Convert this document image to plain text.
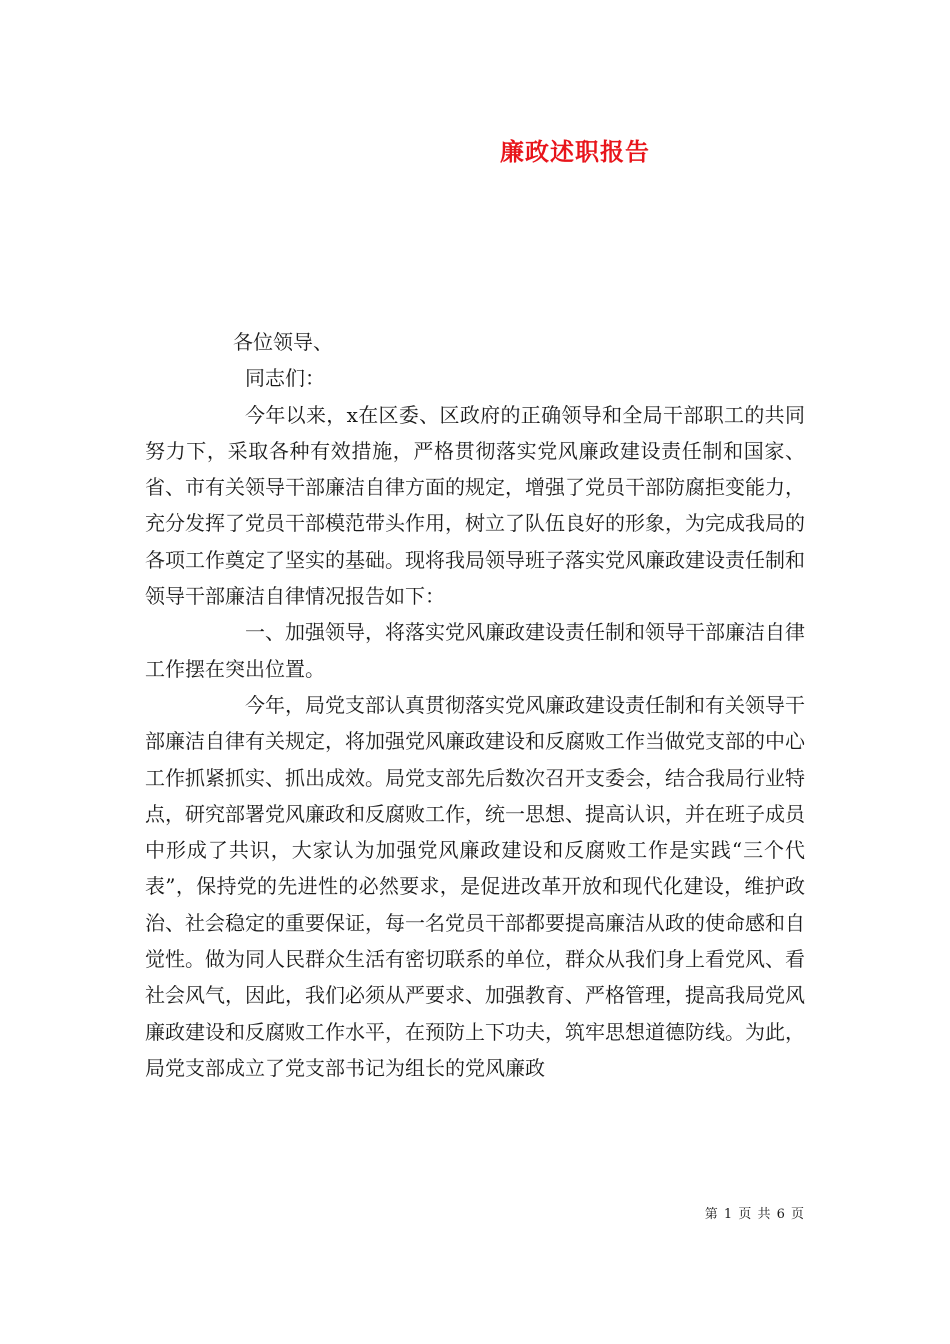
廉政述职报告

各位领导、

同志们：

今年以来，x在区委、区政府的正确领导和全局干部职工的共同努力下，采取各种有效措施，严格贯彻落实党风廉政建设责任制和国家、省、市有关领导干部廉洁自律方面的规定，增强了党员干部防腐拒变能力，充分发挥了党员干部模范带头作用，树立了队伍良好的形象，为完成我局的各项工作奠定了坚实的基础。现将我局领导班子落实党风廉政建设责任制和领导干部廉洁自律情况报告如下：

一、加强领导，将落实党风廉政建设责任制和领导干部廉洁自律工作摆在突出位置。

今年，局党支部认真贯彻落实党风廉政建设责任制和有关领导干部廉洁自律有关规定，将加强党风廉政建设和反腐败工作当做党支部的中心工作抓紧抓实、抓出成效。局党支部先后数次召开支委会，结合我局行业特点，研究部署党风廉政和反腐败工作，统一思想、提高认识，并在班子成员中形成了共识，大家认为加强党风廉政建设和反腐败工作是实践“三个代表”，保持党的先进性的必然要求，是促进改革开放和现代化建设，维护政治、社会稳定的重要保证，每一名党员干部都要提高廉洁从政的使命感和自觉性。做为同人民群众生活有密切联系的单位，群众从我们身上看党风、看社会风气，因此，我们必须从严要求、加强教育、严格管理，提高我局党风廉政建设和反腐败工作水平，在预防上下功夫，筑牢思想道德防线。为此，局党支部成立了党支部书记为组长的党风廉政

第 1 页 共 6 页
